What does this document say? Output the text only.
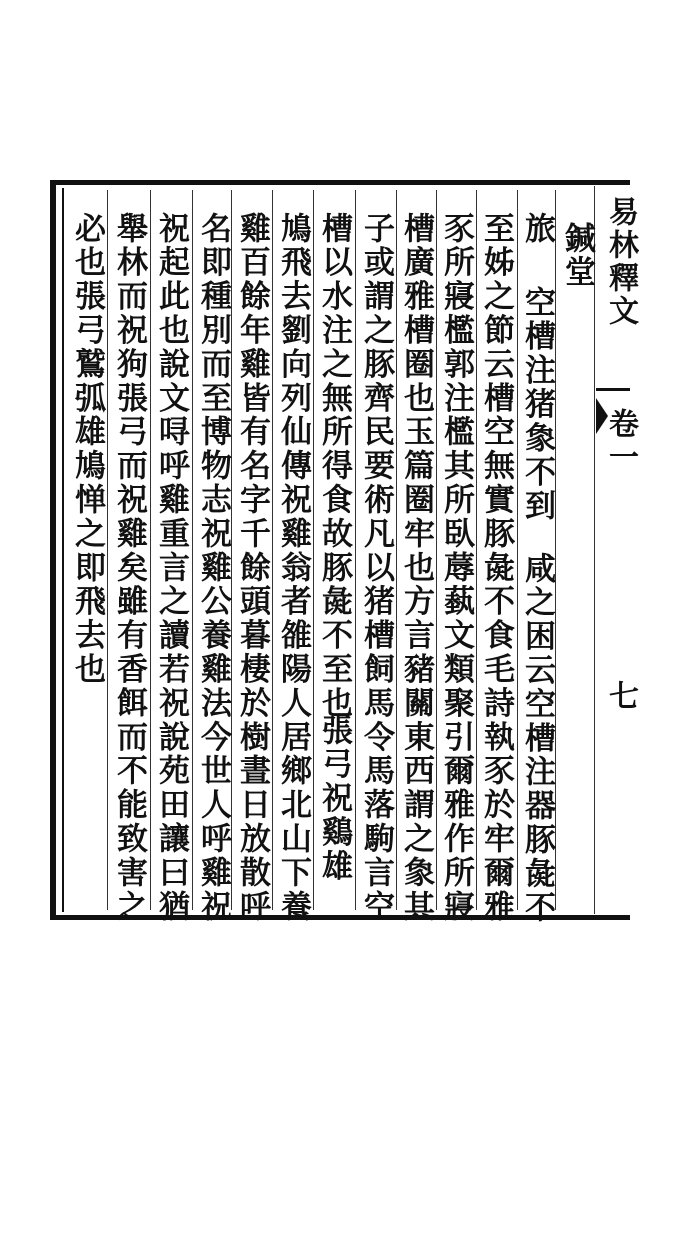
易林釋文
卷一
七
鍼堂
旅
空槽注猪𧰼不到
咸之困云空槽注器豚彘不
至姊之節云槽空無實豚彘不食毛詩執豕於牢爾雅
豕所寢檻郭注檻其所臥蓐蓺文類聚引爾雅作所寢
槽廣雅槽圈也玉篇圈牢也方言豬關東西謂之𧰼其
子或謂之豚齊民要術凡以猪槽飼馬令馬落駒言空
槽以水注之無所得食故豚彘不至也
張弓祝鷄雄
鳩飛去劉向列仙傳祝雞翁者雒陽人居鄉北山下養
雞百餘年雞皆有名字千餘頭暮棲於樹晝日放散呼
名即種別而至博物志祝雞公養雞法今世人呼雞祝
祝起此也說文㖊呼雞重言之讀若祝說苑田讓曰猶
舉林而祝狗張弓而祝雞矣雖有香餌而不能致害之
必也張弓鷲弧雄鳩惮之即飛去也
